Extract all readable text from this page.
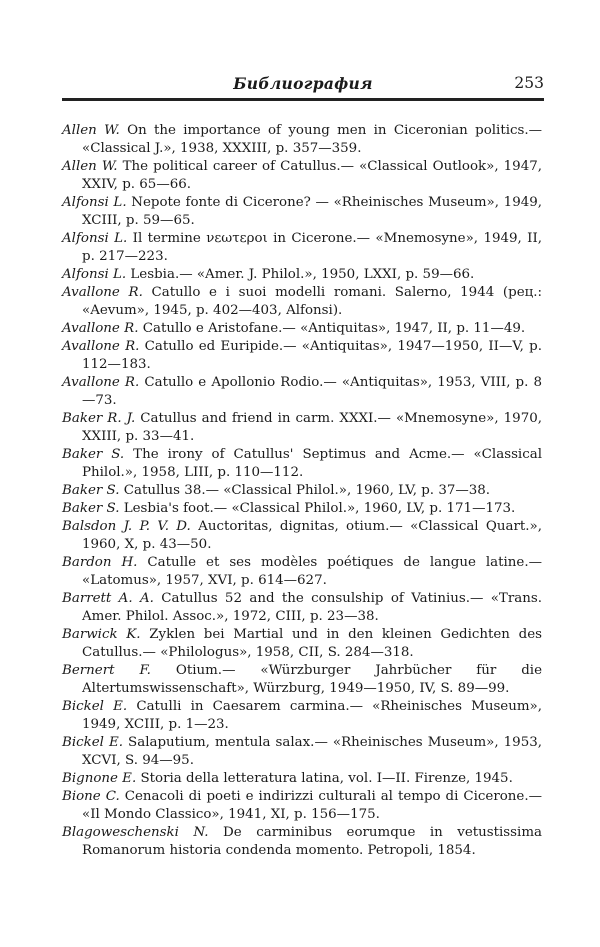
Библиография	253

Allen W. On the importance of young men in Ciceronian politics.— «Classical J.», 1938, XXXIII, p. 357—359.

Allen W. The political career of Catullus.— «Classical Outlook», 1947, XXIV, p. 65—66.

Alfonsi L. Nepote fonte di Cicerone? — «Rheinisches Museum», 1949, XCIII, p. 59—65.

Alfonsi L. Il termine νεωτεροι in Cicerone.— «Mnemosyne», 1949, II, p. 217—223.

Alfonsi L. Lesbia.— «Amer. J. Philol.», 1950, LXXI, p. 59—66.

Avallone R. Catullo e i suoi modelli romani. Salerno, 1944 (рец.: «Aevum», 1945, p. 402—403, Alfonsi).

Avallone R. Catullo e Aristofane.— «Antiquitas», 1947, II, p. 11—49.

Avallone R. Catullo ed Euripide.— «Antiquitas», 1947—1950, II—V, p. 112—183.

Avallone R. Catullo e Apollonio Rodio.— «Antiquitas», 1953, VIII, p. 8—73.

Baker R. J. Catullus and friend in carm. XXXI.— «Mnemosyne», 1970, XXIII, p. 33—41.

Baker S. The irony of Catullus' Septimus and Acme.— «Classical Philol.», 1958, LIII, p. 110—112.

Baker S. Catullus 38.— «Classical Philol.», 1960, LV, p. 37—38.

Baker S. Lesbia's foot.— «Classical Philol.», 1960, LV, p. 171—173.

Balsdon J. P. V. D. Auctoritas, dignitas, otium.— «Classical Quart.», 1960, X, p. 43—50.

Bardon H. Catulle et ses modèles poétiques de langue latine.— «Latomus», 1957, XVI, p. 614—627.

Barrett A. A. Catullus 52 and the consulship of Vatinius.— «Trans. Amer. Philol. Assoc.», 1972, CIII, p. 23—38.

Barwick K. Zyklen bei Martial und in den kleinen Gedichten des Catullus.— «Philologus», 1958, CII, S. 284—318.

Bernert F. Otium.— «Würzburger Jahrbücher für die Altertumswissenschaft», Würzburg, 1949—1950, IV, S. 89—99.

Bickel E. Catulli in Caesarem carmina.— «Rheinisches Museum», 1949, XCIII, p. 1—23.

Bickel E. Salaputium, mentula salax.— «Rheinisches Museum», 1953, XCVI, S. 94—95.

Bignone E. Storia della letteratura latina, vol. I—II. Firenze, 1945.

Bione C. Cenacoli di poeti e indirizzi culturali al tempo di Cicerone.— «Il Mondo Classico», 1941, XI, p. 156—175.

Blagoweschenski N. De carminibus eorumque in vetustissima Romanorum historia condenda momento. Petropoli, 1854.
